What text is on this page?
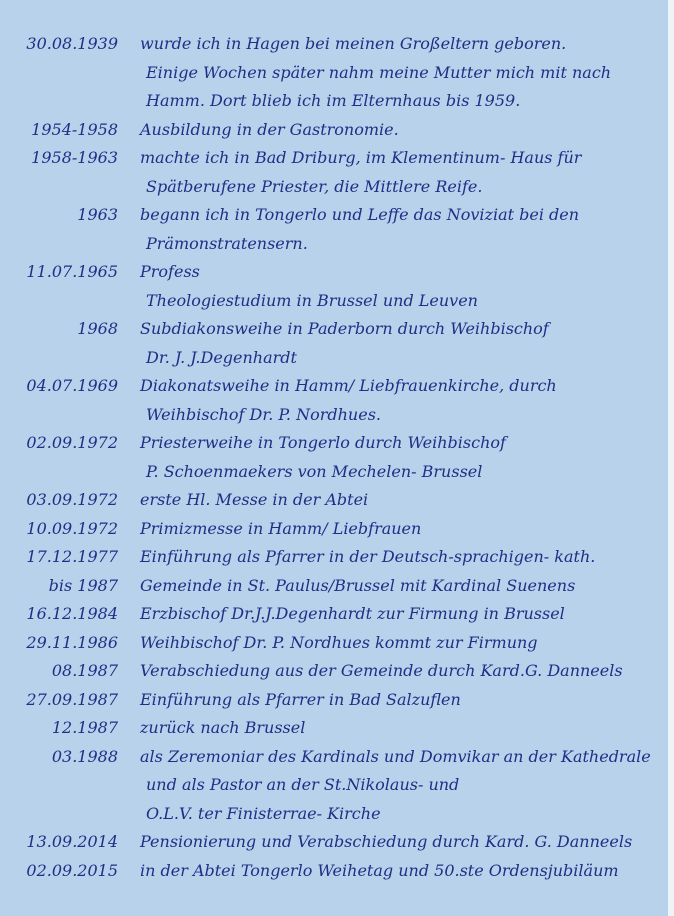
30.08.1939 wurde ich in Hagen bei meinen Großeltern geboren.
Einige Wochen später nahm meine Mutter mich mit nach
Hamm. Dort blieb ich im Elternhaus bis 1959.
1954-1958 Ausbildung in der Gastronomie.
1958-1963 machte ich in Bad Driburg, im Klementinum- Haus für
Spätberufene Priester, die Mittlere Reife.
1963 begann ich in Tongerlo und Leffe das Noviziat bei den
Prämonstratensern.
11.07.1965 Profess
Theologiestudium in Brussel und Leuven
1968 Subdiakonsweihe in Paderborn durch Weihbischof
Dr. J. J.Degenhardt
04.07.1969 Diakonatsweihe in Hamm/ Liebfrauenkirche, durch
Weihbischof Dr. P. Nordhues.
02.09.1972 Priesterweihe in Tongerlo durch Weihbischof
P. Schoenmaekers von Mechelen- Brussel
03.09.1972 erste Hl. Messe in der Abtei
10.09.1972 Primizmesse in Hamm/ Liebfrauen
17.12.1977 Einführung als Pfarrer in der Deutsch-sprachigen- kath.
bis 1987 Gemeinde in St. Paulus/Brussel mit Kardinal Suenens
16.12.1984 Erzbischof Dr.J.J.Degenhardt zur Firmung in Brussel
29.11.1986 Weihbischof Dr. P. Nordhues kommt zur Firmung
08.1987 Verabschiedung aus der Gemeinde durch Kard.G. Danneels
27.09.1987 Einführung als Pfarrer in Bad Salzuflen
12.1987 zurück nach Brussel
03.1988 als Zeremoniar des Kardinals und Domvikar an der Kathedrale
und als Pastor an der St.Nikolaus- und
O.L.V. ter Finisterrae- Kirche
13.09.2014 Pensionierung und Verabschiedung durch Kard. G. Danneels
02.09.2015 in der Abtei Tongerlo Weihetag und 50.ste Ordensjubiläum
